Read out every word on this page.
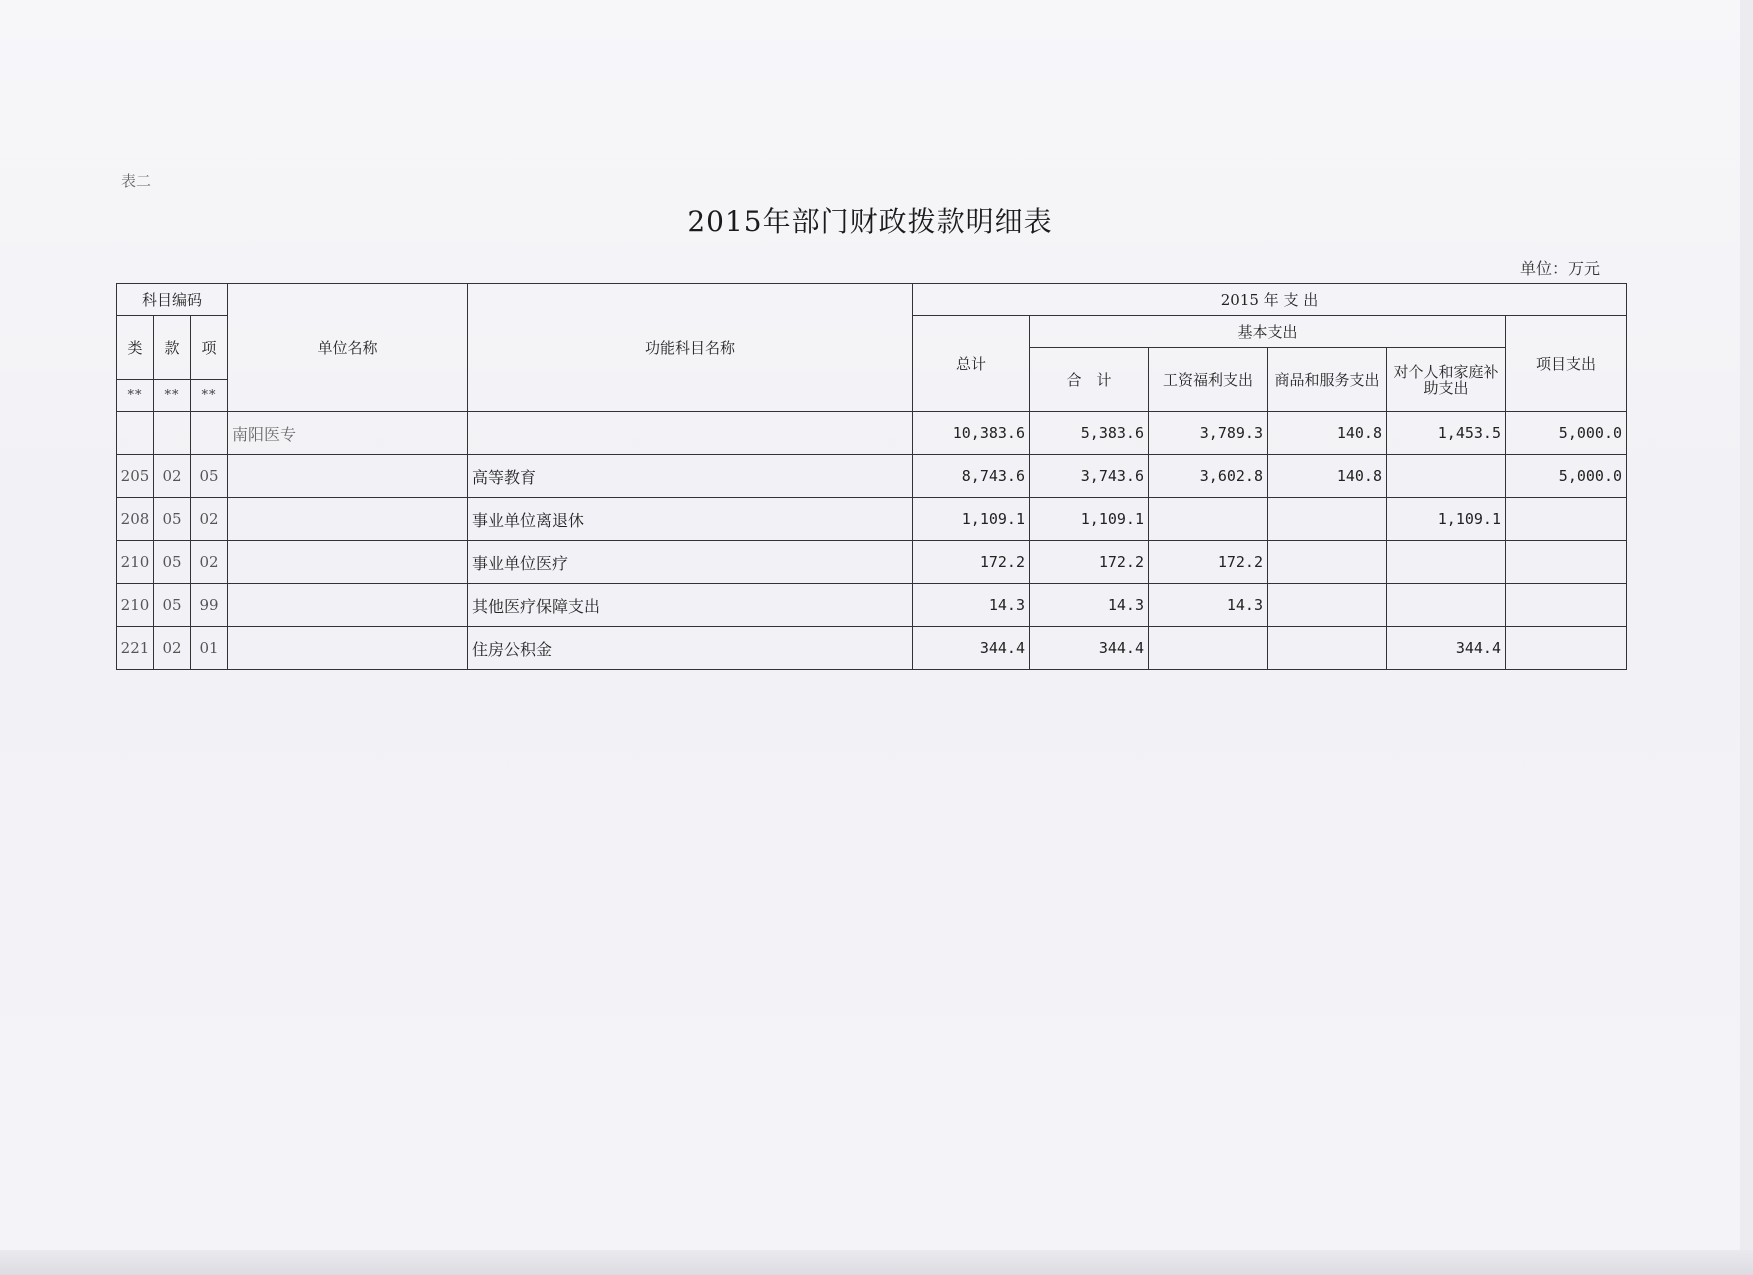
表二
2015年部门财政拨款明细表
单位：万元
科目编码			单位名称	功能科目名称	2015 年 支 出					
类	款	项			总计	基本支出				项目支出
						合　计	工资福利支出	商品和服务支出	对个人和家庭补助支出	
**	**	**								
			南阳医专		10,383.6	5,383.6	3,789.3	140.8	1,453.5	5,000.0
205	02	05		高等教育	8,743.6	3,743.6	3,602.8	140.8		5,000.0
208	05	02		事业单位离退休	1,109.1	1,109.1			1,109.1	
210	05	02		事业单位医疗	172.2	172.2	172.2			
210	05	99		其他医疗保障支出	14.3	14.3	14.3			
221	02	01		住房公积金	344.4	344.4			344.4	
